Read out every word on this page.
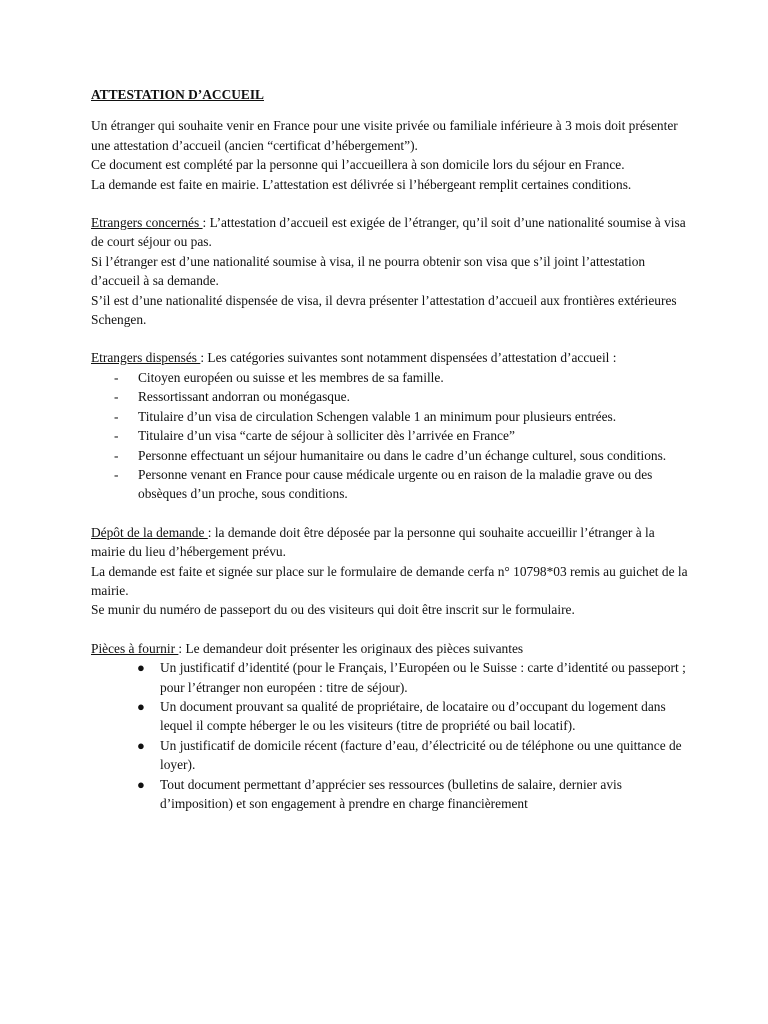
ATTESTATION D’ACCUEIL

Un étranger qui souhaite venir en France pour une visite privée ou familiale inférieure à 3 mois doit présenter une attestation d’accueil (ancien “certificat d’hébergement”).

Ce document est complété par la personne qui l’accueillera à son domicile lors du séjour en France.

La demande est faite en mairie. L’attestation est délivrée si l’hébergeant remplit certaines conditions.

Etrangers concernés : L’attestation d’accueil est exigée de l’étranger, qu’il soit d’une nationalité soumise à visa de court séjour ou pas.

Si l’étranger est d’une nationalité soumise à visa, il ne pourra obtenir son visa que s’il joint l’attestation d’accueil à sa demande.

S’il est d’une nationalité dispensée de visa, il devra présenter l’attestation d’accueil aux frontières extérieures Schengen.

Etrangers dispensés : Les catégories suivantes sont notamment dispensées d’attestation d’accueil :

- Citoyen européen ou suisse et les membres de sa famille.
- Ressortissant andorran ou monégasque.
- Titulaire d’un visa de circulation Schengen valable 1 an minimum pour plusieurs entrées.
- Titulaire d’un visa “carte de séjour à solliciter dès l’arrivée en France”
- Personne effectuant un séjour humanitaire ou dans le cadre d’un échange culturel, sous conditions.
- Personne venant en France pour cause médicale urgente ou en raison de la maladie grave ou des obsèques d’un proche, sous conditions.

Dépôt de la demande : la demande doit être déposée par la personne qui souhaite accueillir l’étranger à la mairie du lieu d’hébergement prévu.

La demande est faite et signée sur place sur le formulaire de demande cerfa n° 10798*03 remis au guichet de la mairie.

Se munir du numéro de passeport du ou des visiteurs qui doit être inscrit sur le formulaire.

Pièces à fournir : Le demandeur doit présenter les originaux des pièces suivantes

● Un justificatif d’identité (pour le Français, l’Européen ou le Suisse : carte d’identité ou passeport ; pour l’étranger non européen : titre de séjour).
● Un document prouvant sa qualité de propriétaire, de locataire ou d’occupant du logement dans lequel il compte héberger le ou les visiteurs (titre de propriété ou bail locatif).
● Un justificatif de domicile récent (facture d’eau, d’électricité ou de téléphone ou une quittance de loyer).
● Tout document permettant d’apprécier ses ressources (bulletins de salaire, dernier avis d’imposition) et son engagement à prendre en charge financièrement
